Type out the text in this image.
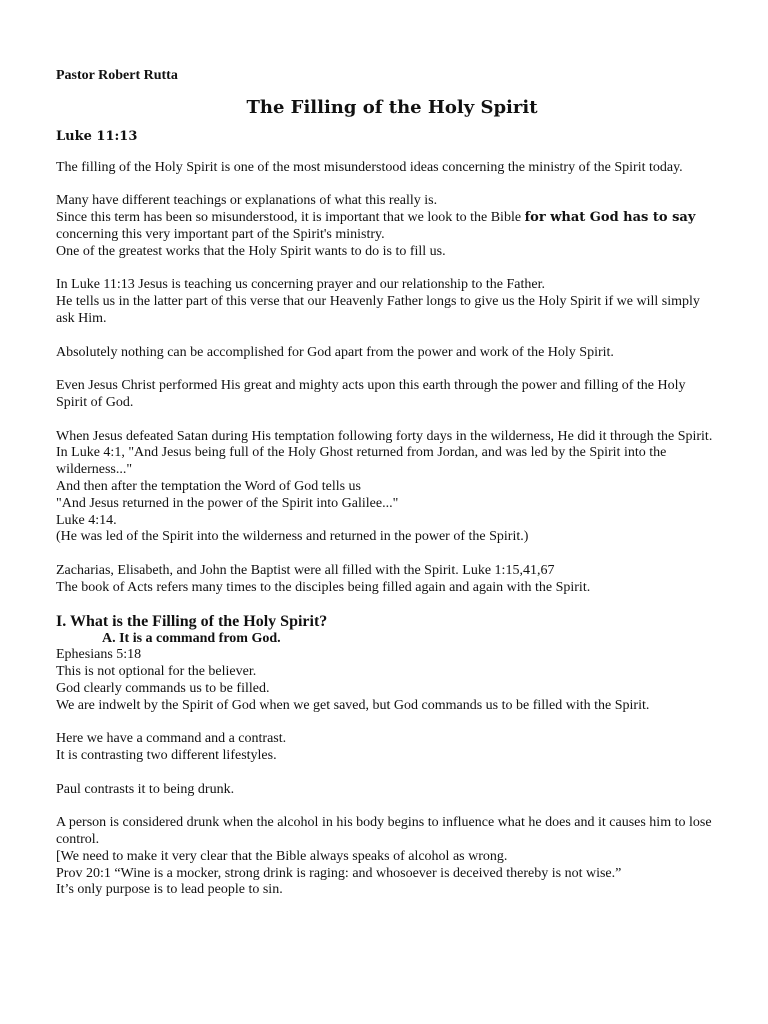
Pastor Robert Rutta

The Filling of the Holy Spirit

Luke 11:13

The filling of the Holy Spirit is one of the most misunderstood ideas concerning the ministry of the Spirit today.

Many have different teachings or explanations of what this really is.

Since this term has been so misunderstood, it is important that we look to the Bible for what God has to say concerning this very important part of the Spirit's ministry.

One of the greatest works that the Holy Spirit wants to do is to fill us.

In Luke 11:13 Jesus is teaching us concerning prayer and our relationship to the Father.

He tells us in the latter part of this verse that our Heavenly Father longs to give us the Holy Spirit if we will simply ask Him.

Absolutely nothing can be accomplished for God apart from the power and work of the Holy Spirit.

Even Jesus Christ performed His great and mighty acts upon this earth through the power and filling of the Holy Spirit of God.

When Jesus defeated Satan during His temptation following forty days in the wilderness, He did it through the Spirit.

In Luke 4:1, "And Jesus being full of the Holy Ghost returned from Jordan, and was led by the Spirit into the wilderness..."

And then after the temptation the Word of God tells us

"And Jesus returned in the power of the Spirit into Galilee..."

Luke 4:14.

(He was led of the Spirit into the wilderness and returned in the power of the Spirit.)

Zacharias, Elisabeth, and John the Baptist were all filled with the Spirit. Luke 1:15,41,67

The book of Acts refers many times to the disciples being filled again and again with the Spirit.

I. What is the Filling of the Holy Spirit?

A. It is a command from God.

Ephesians 5:18

This is not optional for the believer.

God clearly commands us to be filled.

We are indwelt by the Spirit of God when we get saved, but God commands us to be filled with the Spirit.

Here we have a command and a contrast.

It is contrasting two different lifestyles.

Paul contrasts it to being drunk.

A person is considered drunk when the alcohol in his body begins to influence what he does and it causes him to lose control.

[We need to make it very clear that the Bible always speaks of alcohol as wrong.

Prov 20:1 “Wine is a mocker, strong drink is raging: and whosoever is deceived thereby is not wise.”

It’s only purpose is to lead people to sin.
